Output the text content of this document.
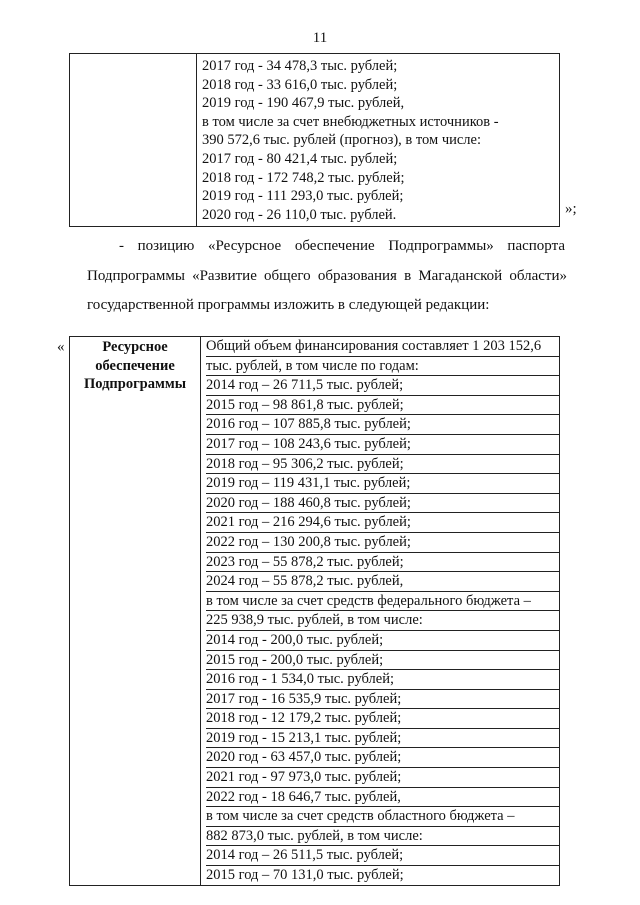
11

2017 год - 34 478,3 тыс. рублей;
2018 год - 33 616,0 тыс. рублей;
2019 год - 190 467,9 тыс. рублей,
в том числе за счет внебюджетных источников -
390 572,6 тыс. рублей (прогноз), в том числе:
2017 год - 80 421,4 тыс. рублей;
2018 год - 172 748,2 тыс. рублей;
2019 год - 111 293,0 тыс. рублей;
2020 год - 26 110,0 тыс. рублей.	»;
- позицию «Ресурсное обеспечение Подпрограммы» паспорта
Подпрограммы «Развитие общего образования в Магаданской области»
государственной программы изложить в следующей редакции:
«	Ресурсное
обеспечение
Подпрограммы

Общий объем финансирования составляет 1 203 152,6
тыс. рублей, в том числе по годам:
2014 год – 26 711,5 тыс. рублей;
2015 год – 98 861,8 тыс. рублей;
2016 год – 107 885,8 тыс. рублей;
2017 год – 108 243,6 тыс. рублей;
2018 год – 95 306,2 тыс. рублей;
2019 год – 119 431,1 тыс. рублей;
2020 год – 188 460,8 тыс. рублей;
2021 год – 216 294,6 тыс. рублей;
2022 год – 130 200,8 тыс. рублей;
2023 год – 55 878,2 тыс. рублей;
2024 год – 55 878,2 тыс. рублей,
в том числе за счет средств федерального бюджета –
225 938,9 тыс. рублей, в том числе:
2014 год - 200,0 тыс. рублей;
2015 год - 200,0 тыс. рублей;
2016 год - 1 534,0 тыс. рублей;
2017 год - 16 535,9 тыс. рублей;
2018 год - 12 179,2 тыс. рублей;
2019 год - 15 213,1 тыс. рублей;
2020 год - 63 457,0 тыс. рублей;
2021 год - 97 973,0 тыс. рублей;
2022 год - 18 646,7 тыс. рублей,
в том числе за счет средств областного бюджета –
882 873,0 тыс. рублей, в том числе:
2014 год – 26 511,5 тыс. рублей;
2015 год – 70 131,0 тыс. рублей;
